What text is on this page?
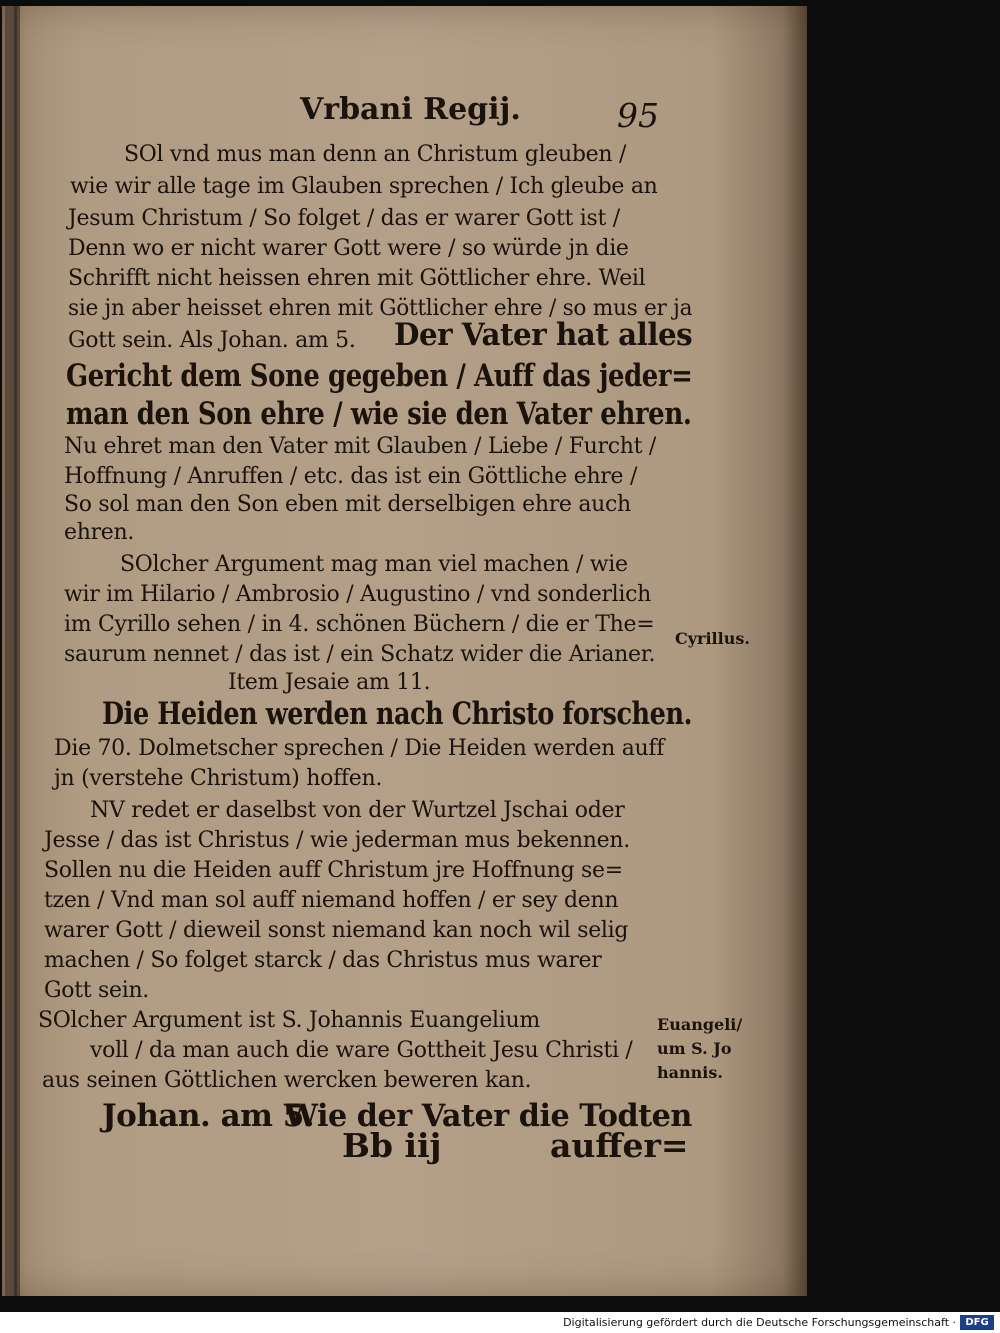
Vrbani Regij.	95
SOl vnd mus man denn an Christum gleuben /
wie wir alle tage im Glauben sprechen / Ich gleube an
Jesum Christum / So folget / das er warer Gott ist /
Denn wo er nicht warer Gott were / so würde jn die
Schrifft nicht heissen ehren mit Göttlicher ehre. Weil
sie jn aber heisset ehren mit Göttlicher ehre / so mus er ja
Gott sein. Als Johan. am 5. Der Vater hat alles
Gericht dem Sone gegeben / Auff das jeder=
man den Son ehre / wie sie den Vater ehren.
Nu ehret man den Vater mit Glauben / Liebe / Furcht /
Hoffnung / Anruffen / etc. das ist ein Göttliche ehre /
So sol man den Son eben mit derselbigen ehre auch
ehren.
SOlcher Argument mag man viel machen / wie
wir im Hilario / Ambrosio / Augustino / vnd sonderlich
im Cyrillo sehen / in 4. schönen Büchern / die er The=
saurum nennet / das ist / ein Schatz wider die Arianer.
Item Jesaie am 11.
Die Heiden werden nach Christo forschen.
Die 70. Dolmetscher sprechen / Die Heiden werden auff
jn (verstehe Christum) hoffen.
NV redet er daselbst von der Wurtzel Jschai oder
Jesse / das ist Christus / wie jederman mus bekennen.
Sollen nu die Heiden auff Christum jre Hoffnung se=
tzen / Vnd man sol auff niemand hoffen / er sey denn
warer Gott / dieweil sonst niemand kan noch wil selig
machen / So folget starck / das Christus mus warer
Gott sein.
SOlcher Argument ist S. Johannis Euangelium
voll / da man auch die ware Gottheit Jesu Christi /
aus seinen Göttlichen wercken beweren kan.
Johan. am 5.
Wie der Vater die Todten
Bb iij	auffer=
Cyrillus.
Euangeli/
um S. Jo
hannis.
Digitalisierung gefördert durch die Deutsche Forschungsgemeinschaft · DFG
